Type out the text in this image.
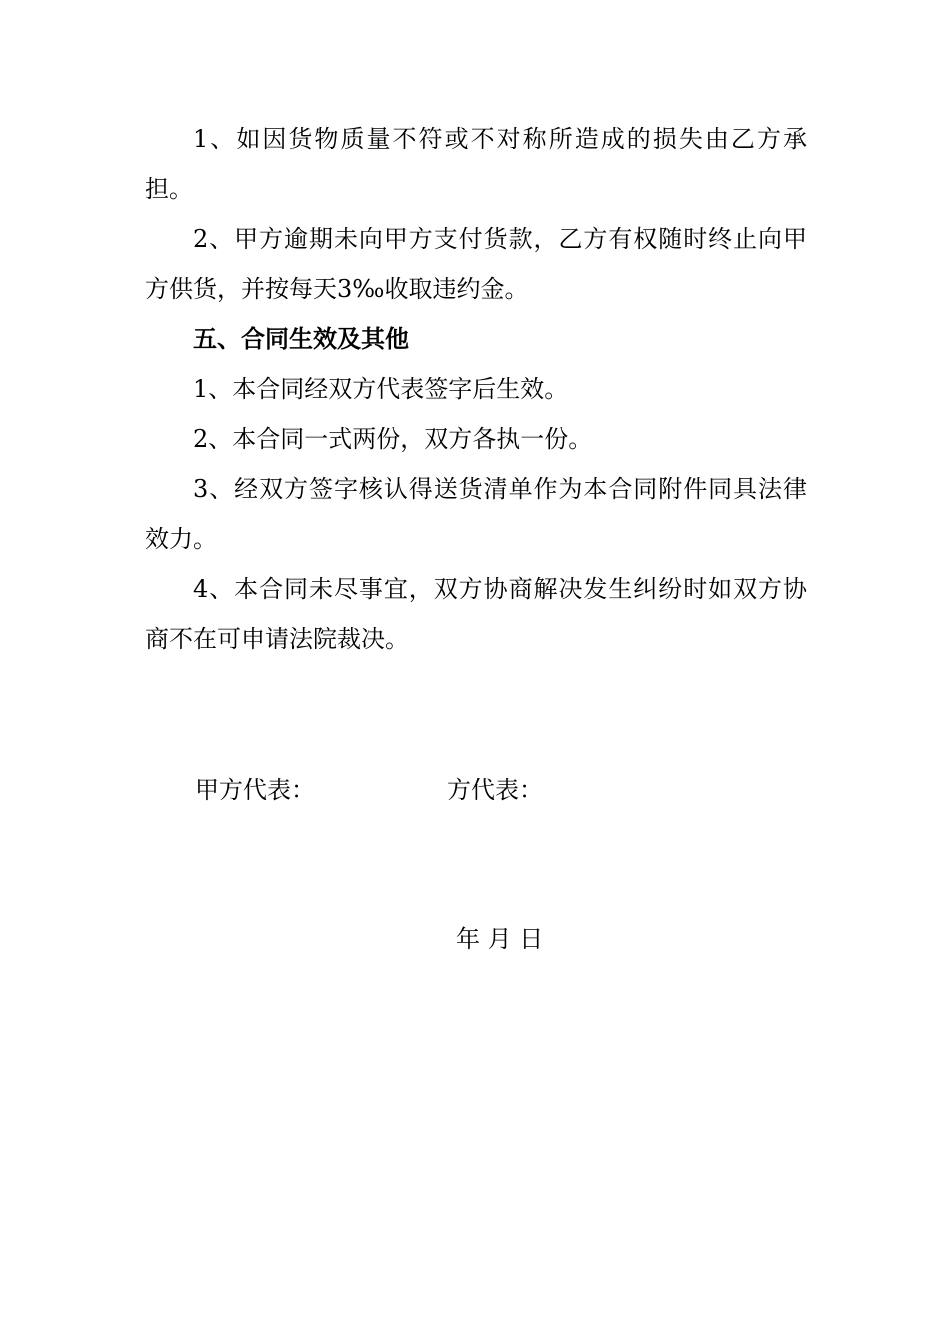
1、如因货物质量不符或不对称所造成的损失由乙方承担。

2、甲方逾期未向甲方支付货款，乙方有权随时终止向甲方供货，并按每天3‰收取违约金。

五、合同生效及其他

1、本合同经双方代表签字后生效。

2、本合同一式两份，双方各执一份。

3、经双方签字核认得送货清单作为本合同附件同具法律效力。

4、本合同未尽事宜，双方协商解决发生纠纷时如双方协商不在可申请法院裁决。

甲方代表：	方代表：
年 月 日
